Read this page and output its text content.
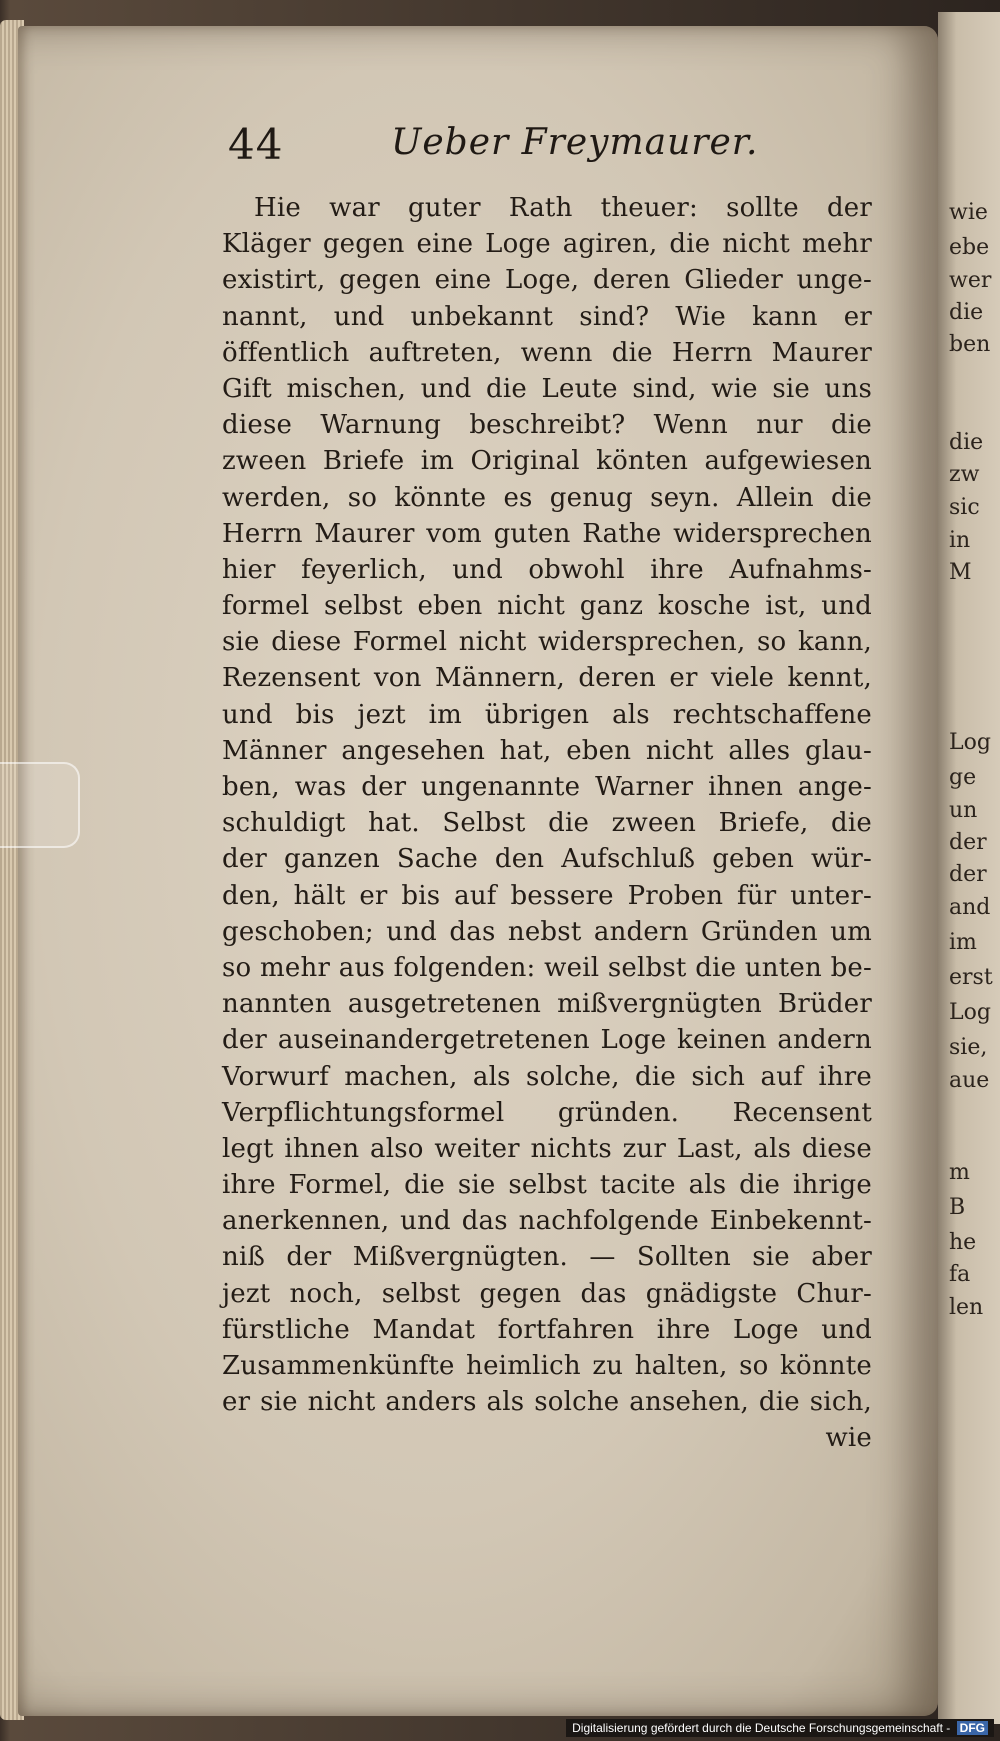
wie
ebe
wer
die
ben
die
zw
sic
in
M
Log
ge
un
der
der
and
im
erst
Log
sie,
aue
m
B
he
fa
len
44	Ueber Freymaurer.
Hie war guter Rath theuer: sollte der
Kläger gegen eine Loge agiren, die nicht mehr
existirt, gegen eine Loge, deren Glieder unge-
nannt, und unbekannt sind? Wie kann er
öffentlich auftreten, wenn die Herrn Maurer
Gift mischen, und die Leute sind, wie sie uns
diese Warnung beschreibt? Wenn nur die
zween Briefe im Original könten aufgewiesen
werden, so könnte es genug seyn. Allein die
Herrn Maurer vom guten Rathe widersprechen
hier feyerlich, und obwohl ihre Aufnahms-
formel selbst eben nicht ganz kosche ist, und
sie diese Formel nicht widersprechen, so kann,
Rezensent von Männern, deren er viele kennt,
und bis jezt im übrigen als rechtschaffene
Männer angesehen hat, eben nicht alles glau-
ben, was der ungenannte Warner ihnen ange-
schuldigt hat. Selbst die zween Briefe, die
der ganzen Sache den Aufschluß geben wür-
den, hält er bis auf bessere Proben für unter-
geschoben; und das nebst andern Gründen um
so mehr aus folgenden: weil selbst die unten be-
nannten ausgetretenen mißvergnügten Brüder
der auseinandergetretenen Loge keinen andern
Vorwurf machen, als solche, die sich auf ihre
Verpflichtungsformel gründen. Recensent
legt ihnen also weiter nichts zur Last, als diese
ihre Formel, die sie selbst tacite als die ihrige
anerkennen, und das nachfolgende Einbekennt-
niß der Mißvergnügten. — Sollten sie aber
jezt noch, selbst gegen das gnädigste Chur-
fürstliche Mandat fortfahren ihre Loge und
Zusammenkünfte heimlich zu halten, so könnte
er sie nicht anders als solche ansehen, die sich,
wie
Digitalisierung gefördert durch die Deutsche Forschungsgemeinschaft - DFG
